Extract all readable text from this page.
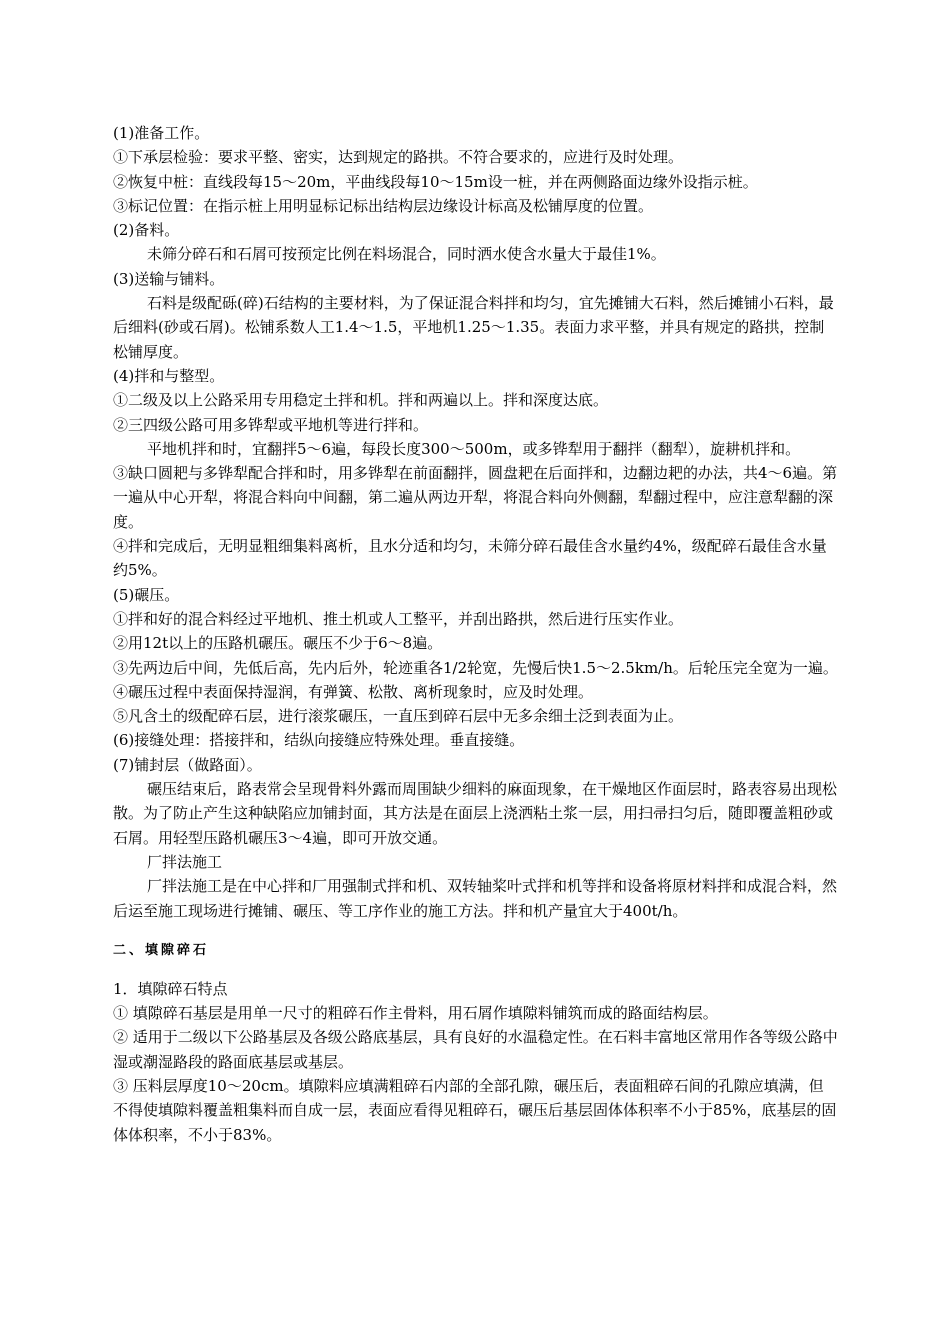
(1)准备工作。

①下承层检验：要求平整、密实，达到规定的路拱。不符合要求的，应进行及时处理。

②恢复中桩：直线段每15～20m，平曲线段每10～15m设一桩，并在两侧路面边缘外设指示桩。

③标记位置：在指示桩上用明显标记标出结构层边缘设计标高及松铺厚度的位置。

(2)备料。

未筛分碎石和石屑可按预定比例在料场混合，同时洒水使含水量大于最佳1%。

(3)送输与铺料。

石料是级配砾(碎)石结构的主要材料，为了保证混合料拌和均匀，宜先摊铺大石料，然后摊铺小石料，最后细料(砂或石屑)。松铺系数人工1.4～1.5，平地机1.25～1.35。表面力求平整，并具有规定的路拱，控制松铺厚度。

(4)拌和与整型。

①二级及以上公路采用专用稳定土拌和机。拌和两遍以上。拌和深度达底。

②三四级公路可用多铧犁或平地机等进行拌和。

平地机拌和时，宜翻拌5～6遍，每段长度300～500m，或多铧犁用于翻拌（翻犁），旋耕机拌和。

③缺口圆耙与多铧犁配合拌和时，用多铧犁在前面翻拌，圆盘耙在后面拌和，边翻边耙的办法，共4～6遍。第一遍从中心开犁，将混合料向中间翻，第二遍从两边开犁，将混合料向外侧翻，犁翻过程中，应注意犁翻的深度。

④拌和完成后，无明显粗细集料离析，且水分适和均匀，未筛分碎石最佳含水量约4%，级配碎石最佳含水量约5%。

(5)碾压。

①拌和好的混合料经过平地机、推土机或人工整平，并刮出路拱，然后进行压实作业。

②用12t以上的压路机碾压。碾压不少于6～8遍。

③先两边后中间，先低后高，先内后外，轮迹重各1/2轮宽，先慢后快1.5～2.5km/h。后轮压完全宽为一遍。

④碾压过程中表面保持湿润，有弹簧、松散、离析现象时，应及时处理。

⑤凡含土的级配碎石层，进行滚浆碾压，一直压到碎石层中无多余细土泛到表面为止。

(6)接缝处理：搭接拌和，结纵向接缝应特殊处理。垂直接缝。

(7)铺封层（做路面）。

碾压结束后，路表常会呈现骨料外露而周围缺少细料的麻面现象，在干燥地区作面层时，路表容易出现松散。为了防止产生这种缺陷应加铺封面，其方法是在面层上浇洒粘土浆一层，用扫帚扫匀后，随即覆盖粗砂或石屑。用轻型压路机碾压3～4遍，即可开放交通。

厂拌法施工

厂拌法施工是在中心拌和厂用强制式拌和机、双转轴桨叶式拌和机等拌和设备将原材料拌和成混合料，然后运至施工现场进行摊铺、碾压、等工序作业的施工方法。拌和机产量宜大于400t/h。

二、填隙碎石

1．填隙碎石特点

① 填隙碎石基层是用单一尺寸的粗碎石作主骨料，用石屑作填隙料铺筑而成的路面结构层。

② 适用于二级以下公路基层及各级公路底基层，具有良好的水温稳定性。在石料丰富地区常用作各等级公路中湿或潮湿路段的路面底基层或基层。

③ 压料层厚度10～20cm。填隙料应填满粗碎石内部的全部孔隙，碾压后，表面粗碎石间的孔隙应填满，但不得使填隙料覆盖粗集料而自成一层，表面应看得见粗碎石，碾压后基层固体体积率不小于85%，底基层的固体体积率，不小于83%。
